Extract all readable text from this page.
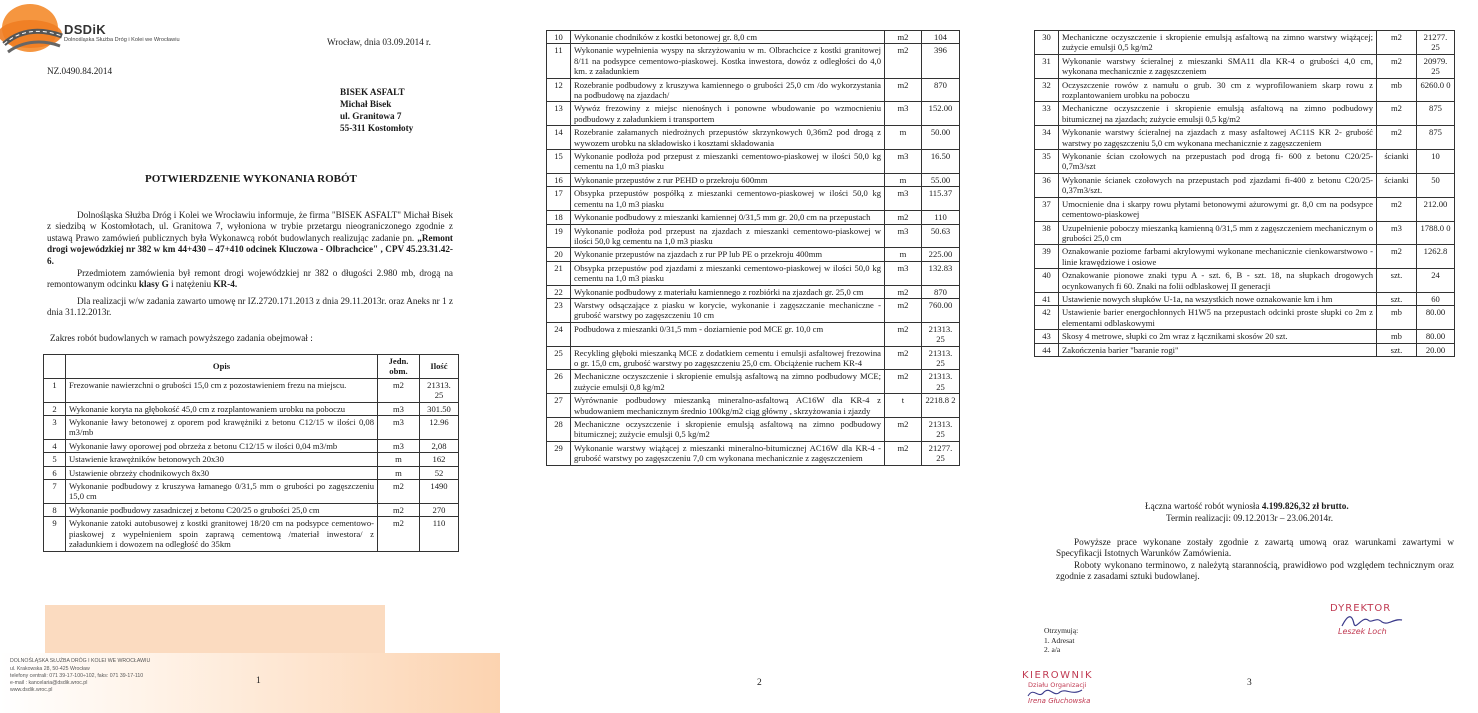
DSDiK
Dolnośląska Służba Dróg i Kolei we Wrocławiu	Wrocław, dnia 03.09.2014 r.
NZ.0490.84.2014
BISEK ASFALT
Michał Bisek
ul. Granitowa 7
55-311 Kostomłoty
POTWIERDZENIE WYKONANIA ROBÓT
Dolnośląska Służba Dróg i Kolei we Wrocławiu informuje, że firma "BISEK ASFALT" Michał Bisek z siedzibą w Kostomłotach, ul. Granitowa 7, wyłoniona w trybie przetargu nieograniczonego zgodnie z ustawą Prawo zamówień publicznych była Wykonawcą robót budowlanych realizując zadanie pn. „Remont drogi wojewódzkiej nr 382 w km 44+430 – 47+410 odcinek Kluczowa - Olbrachcice" , CPV 45.23.31.42-6.
Przedmiotem zamówienia był remont drogi wojewódzkiej nr 382 o długości 2.980 mb, drogą na remontowanym odcinku klasy G i natężeniu KR-4.
Dla realizacji w/w zadania zawarto umowę nr IZ.2720.171.2013 z dnia 29.11.2013r. oraz Aneks nr 1 z dnia 31.12.2013r.
Zakres robót budowlanych w ramach powyższego zadania obejmował :
	Opis	Jedn. obm.	Ilość
1	Frezowanie nawierzchni o grubości 15,0 cm z pozostawieniem frezu na miejscu.	m2	21313. 25
2	Wykonanie koryta na głębokość 45,0 cm z rozplantowaniem urobku na poboczu	m3	301.50
3	Wykonanie ławy betonowej z oporem pod krawężniki z betonu C12/15 w ilości 0,08 m3/mb	m3	12.96
4	Wykonanie ławy oporowej pod obrzeża z betonu C12/15 w ilości 0,04 m3/mb	m3	2,08
5	Ustawienie krawężników betonowych 20x30	m	162
6	Ustawienie obrzeży chodnikowych 8x30	m	52
7	Wykonanie podbudowy z kruszywa łamanego 0/31,5 mm o grubości po zagęszczeniu 15,0 cm	m2	1490
8	Wykonanie podbudowy zasadniczej z betonu C20/25 o grubości 25,0 cm	m2	270
9	Wykonanie zatoki autobusowej z kostki granitowej 18/20 cm na podsypce cementowo-piaskowej z wypełnieniem spoin zaprawą cementową /materiał inwestora/ z załadunkiem i dowozem na odległość do 35km	m2	110
DOLNOŚLĄSKA SŁUŻBA DRÓG I KOLEI WE WROCŁAWIU
ul. Krakowska 28, 50-425 Wrocław
telefony centrali: 071 39-17-100÷102, faks: 071 39-17-110
e-mail : kancelaria@dsdik.wroc.pl
www.dsdik.wroc.pl
1
10	Wykonanie chodników z kostki betonowej gr. 8,0 cm	m2	104
11	Wykonanie wypełnienia wyspy na skrzyżowaniu w m. Olbrachcice z kostki granitowej 8/11 na podsypce cementowo-piaskowej. Kostka inwestora, dowóz z odległości do 4,0 km. z załadunkiem	m2	396
12	Rozebranie podbudowy z kruszywa kamiennego o grubości 25,0 cm /do wykorzystania na podbudowę na zjazdach/	m2	870
13	Wywóz frezowiny z miejsc nienośnych i ponowne wbudowanie po wzmocnieniu podbudowy z załadunkiem i transportem	m3	152.00
14	Rozebranie załamanych niedrożnych przepustów skrzynkowych 0,36m2 pod drogą z wywozem urobku na składowisko i kosztami składowania	m	50.00
15	Wykonanie podłoża pod przepust z mieszanki cementowo-piaskowej w ilości 50,0 kg cementu na 1,0 m3 piasku	m3	16.50
16	Wykonanie przepustów z rur PEHD o przekroju 600mm	m	55.00
17	Obsypka przepustów pospółką z mieszanki cementowo-piaskowej w ilości 50,0 kg cementu na 1,0 m3 piasku	m3	115.37
18	Wykonanie podbudowy z mieszanki kamiennej 0/31,5 mm gr. 20,0 cm na przepustach	m2	110
19	Wykonanie podłoża pod przepust na zjazdach z mieszanki cementowo-piaskowej w ilości 50,0 kg cementu na 1,0 m3 piasku	m3	50.63
20	Wykonanie przepustów na zjazdach z rur PP lub PE o przekroju 400mm	m	225.00
21	Obsypka przepustów pod zjazdami z mieszanki cementowo-piaskowej w ilości 50,0 kg cementu na 1,0 m3 piasku	m3	132.83
22	Wykonanie podbudowy z materiału kamiennego z rozbiórki na zjazdach gr. 25,0 cm	m2	870
23	Warstwy odsączające z piasku w korycie, wykonanie i zagęszczanie mechaniczne - grubość warstwy po zagęszczeniu 10 cm	m2	760.00
24	Podbudowa z mieszanki 0/31,5 mm - doziarnienie pod MCE gr. 10,0 cm	m2	21313. 25
25	Recykling głęboki mieszanką MCE z dodatkiem cementu i emulsji asfaltowej frezowina o gr. 15,0 cm, grubość warstwy po zagęszczeniu 25,0 cm. Obciążenie ruchem KR-4	m2	21313. 25
26	Mechaniczne oczyszczenie i skropienie emulsją asfaltową na zimno podbudowy MCE; zużycie emulsji 0,8 kg/m2	m2	21313. 25
27	Wyrównanie podbudowy mieszanką mineralno-asfaltową AC16W dla KR-4 z wbudowaniem mechanicznym średnio 100kg/m2 ciąg główny , skrzyżowania i zjazdy	t	2218.8 2
28	Mechaniczne oczyszczenie i skropienie emulsją asfaltową na zimno podbudowy bitumicznej; zużycie emulsji 0,5 kg/m2	m2	21313. 25
29	Wykonanie warstwy wiążącej z mieszanki mineralno-bitumicznej AC16W dla KR-4 - grubość warstwy po zagęszczeniu 7,0 cm wykonana mechanicznie z zagęszczeniem	m2	21277. 25
2
30	Mechaniczne oczyszczenie i skropienie emulsją asfaltową na zimno warstwy wiążącej; zużycie emulsji 0,5 kg/m2	m2	21277. 25
31	Wykonanie warstwy ścieralnej z mieszanki SMA11 dla KR-4 o grubości 4,0 cm, wykonana mechanicznie z zagęszczeniem	m2	20979. 25
32	Oczyszczenie rowów z namułu o grub. 30 cm z wyprofilowaniem skarp rowu z rozplantowaniem urobku na poboczu	mb	6260.0 0
33	Mechaniczne oczyszczenie i skropienie emulsją asfaltową na zimno podbudowy bitumicznej na zjazdach; zużycie emulsji 0,5 kg/m2	m2	875
34	Wykonanie warstwy ścieralnej na zjazdach z masy asfaltowej AC11S KR 2- grubość warstwy po zagęszczeniu 5,0 cm wykonana mechanicznie z zagęszczeniem	m2	875
35	Wykonanie ścian czołowych na przepustach pod drogą fi- 600 z betonu C20/25- 0,7m3/szt	ścianki	10
36	Wykonanie ścianek czołowych na przepustach pod zjazdami fi-400 z betonu C20/25- 0,37m3/szt.	ścianki	50
37	Umocnienie dna i skarpy rowu płytami betonowymi ażurowymi gr. 8,0 cm na podsypce cementowo-piaskowej	m2	212.00
38	Uzupełnienie poboczy mieszanką kamienną 0/31,5 mm z zagęszczeniem mechanicznym o grubości 25,0 cm	m3	1788.0 0
39	Oznakowanie poziome farbami akrylowymi wykonane mechanicznie cienkowarstwowo - linie krawędziowe i osiowe	m2	1262.8
40	Oznakowanie pionowe znaki typu A - szt. 6, B - szt. 18, na słupkach drogowych ocynkowanych fi 60. Znaki na folii odblaskowej II generacji	szt.	24
41	Ustawienie nowych słupków U-1a, na wszystkich nowe oznakowanie km i hm	szt.	60
42	Ustawienie barier energochłonnych H1W5 na przepustach odcinki proste słupki co 2m z elementami odblaskowymi	mb	80.00
43	Skosy 4 metrowe, słupki co 2m wraz z łącznikami skosów 20 szt.	mb	80.00
44	Zakończenia barier "baranie rogi"	szt.	20.00
Łączna wartość robót wyniosła 4.199.826,32 zł brutto.
Termin realizacji: 09.12.2013r – 23.06.2014r.
Powyższe prace wykonane zostały zgodnie z zawartą umową oraz warunkami zawartymi w Specyfikacji Istotnych Warunków Zamówienia.
Roboty wykonano terminowo, z należytą starannością, prawidłowo pod względem technicznym oraz zgodnie z zasadami sztuki budowlanej.
Otrzymują:
1. Adresat
2. a/a
DYREKTOR
Leszek Loch
KIEROWNIK
Działu Organizacji
Irena Głuchowska
3
